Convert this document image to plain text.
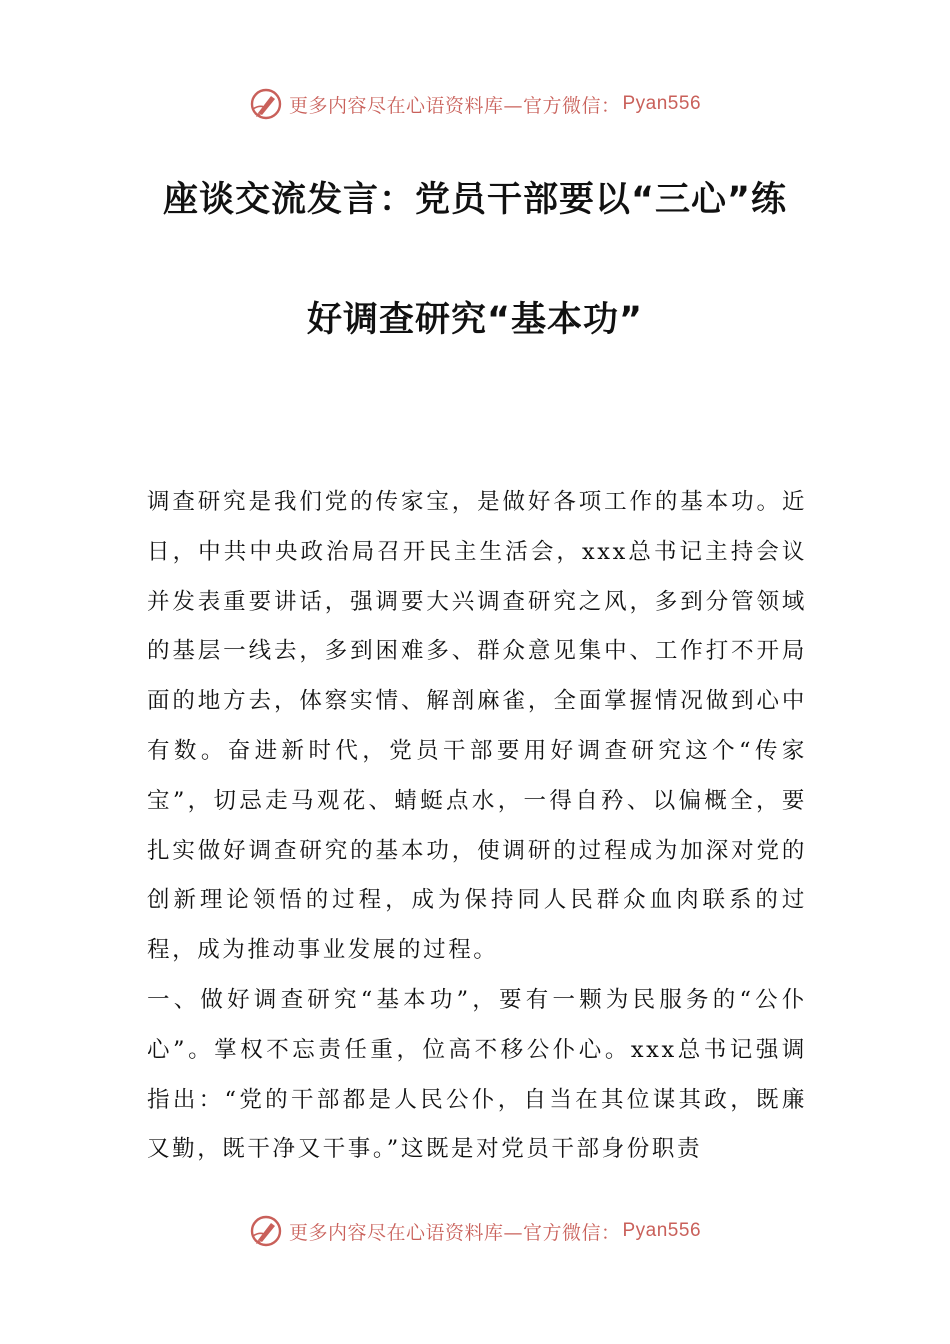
更多内容尽在心语资料库—官方微信： Pyan556
座谈交流发言：党员干部要以“三心”练
好调查研究“基本功”

调查研究是我们党的传家宝，是做好各项工作的基本功。近日，中共中央政治局召开民主生活会，xxx总书记主持会议并发表重要讲话，强调要大兴调查研究之风，多到分管领域的基层一线去，多到困难多、群众意见集中、工作打不开局面的地方去，体察实情、解剖麻雀，全面掌握情况做到心中有数。奋进新时代，党员干部要用好调查研究这个“传家宝”，切忌走马观花、蜻蜓点水，一得自矜、以偏概全，要扎实做好调查研究的基本功，使调研的过程成为加深对党的创新理论领悟的过程，成为保持同人民群众血肉联系的过程，成为推动事业发展的过程。

一、做好调查研究“基本功”，要有一颗为民服务的“公仆心”。掌权不忘责任重，位高不移公仆心。xxx总书记强调指出：“党的干部都是人民公仆，自当在其位谋其政，既廉又勤，既干净又干事。”这既是对党员干部身份职责

更多内容尽在心语资料库—官方微信： Pyan556
